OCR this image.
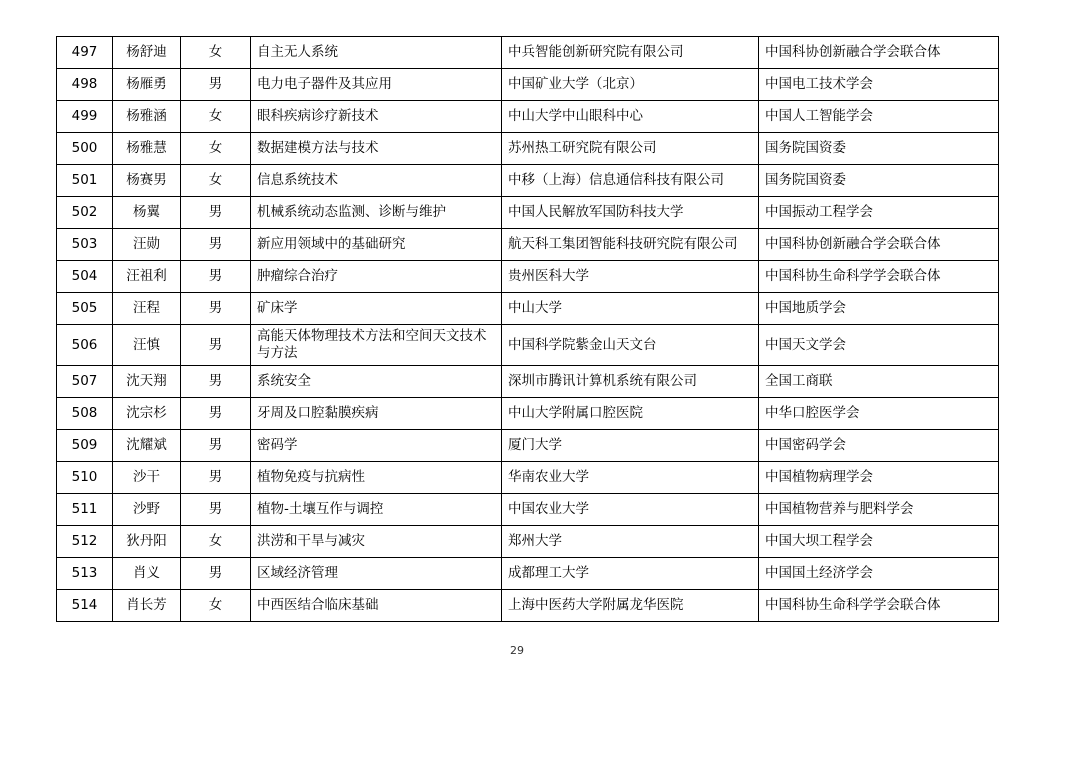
497	杨舒迪	女	自主无人系统	中兵智能创新研究院有限公司	中国科协创新融合学会联合体
498	杨雁勇	男	电力电子器件及其应用	中国矿业大学（北京）	中国电工技术学会
499	杨雅涵	女	眼科疾病诊疗新技术	中山大学中山眼科中心	中国人工智能学会
500	杨雅慧	女	数据建模方法与技术	苏州热工研究院有限公司	国务院国资委
501	杨赛男	女	信息系统技术	中移（上海）信息通信科技有限公司	国务院国资委
502	杨翼	男	机械系统动态监测、诊断与维护	中国人民解放军国防科技大学	中国振动工程学会
503	汪勋	男	新应用领域中的基础研究	航天科工集团智能科技研究院有限公司	中国科协创新融合学会联合体
504	汪祖利	男	肿瘤综合治疗	贵州医科大学	中国科协生命科学学会联合体
505	汪程	男	矿床学	中山大学	中国地质学会
506	汪慎	男	高能天体物理技术方法和空间天文技术与方法	中国科学院紫金山天文台	中国天文学会
507	沈天翔	男	系统安全	深圳市腾讯计算机系统有限公司	全国工商联
508	沈宗杉	男	牙周及口腔黏膜疾病	中山大学附属口腔医院	中华口腔医学会
509	沈耀斌	男	密码学	厦门大学	中国密码学会
510	沙干	男	植物免疫与抗病性	华南农业大学	中国植物病理学会
511	沙野	男	植物-土壤互作与调控	中国农业大学	中国植物营养与肥料学会
512	狄丹阳	女	洪涝和干旱与减灾	郑州大学	中国大坝工程学会
513	肖义	男	区域经济管理	成都理工大学	中国国土经济学会
514	肖长芳	女	中西医结合临床基础	上海中医药大学附属龙华医院	中国科协生命科学学会联合体
29
